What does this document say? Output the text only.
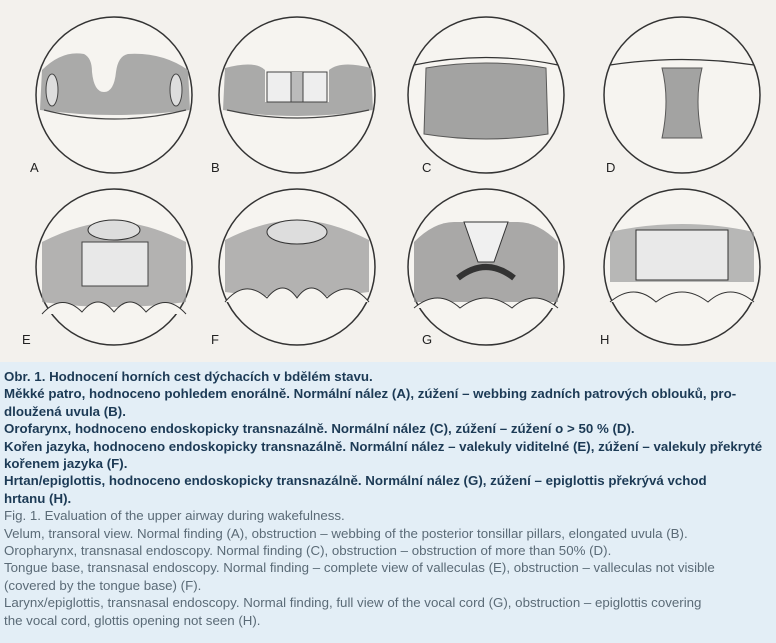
A	B	C	D
E	F	G	H

Obr. 1. Hodnocení horních cest dýchacích v bdělém stavu.

Měkké patro, hodnoceno pohledem enorálně. Normální nález (A), zúžení – webbing zadních patrových oblouků, pro-

dloužená uvula (B).

Orofarynx, hodnoceno endoskopicky transnazálně. Normální nález (C), zúžení – zúžení o > 50 % (D).

Kořen jazyka, hodnoceno endoskopicky transnazálně. Normální nález – valekuly viditelné (E), zúžení – valekuly překryté

kořenem jazyka (F).

Hrtan/epiglottis, hodnoceno endoskopicky transnazálně. Normální nález (G), zúžení – epiglottis překrývá vchod

hrtanu (H).

Fig. 1. Evaluation of the upper airway during wakefulness.

Velum, transoral view. Normal finding (A), obstruction – webbing of the posterior tonsillar pillars, elongated uvula (B).

Oropharynx, transnasal endoscopy. Normal finding (C), obstruction – obstruction of more than 50% (D).

Tongue base, transnasal endoscopy. Normal finding – complete view of valleculas (E), obstruction – valleculas not visible

(covered by the tongue base) (F).

Larynx/epiglottis, transnasal endoscopy. Normal finding, full view of the vocal cord (G), obstruction – epiglottis covering

the vocal cord, glottis opening not seen (H).
